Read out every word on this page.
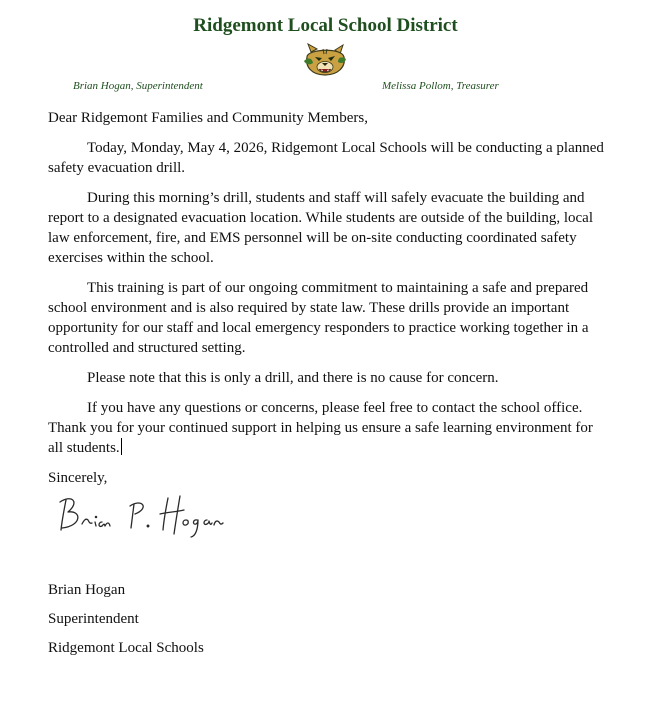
Ridgemont Local School District
Brian Hogan, Superintendent	Melissa Pollom, Treasurer

Dear Ridgemont Families and Community Members,

Today, Monday, May 4, 2026, Ridgemont Local Schools will be conducting a planned safety evacuation drill.

During this morning’s drill, students and staff will safely evacuate the building and report to a designated evacuation location. While students are outside of the building, local law enforcement, fire, and EMS personnel will be on-site conducting coordinated safety exercises within the school.

This training is part of our ongoing commitment to maintaining a safe and prepared school environment and is also required by state law. These drills provide an important opportunity for our staff and local emergency responders to practice working together in a controlled and structured setting.

Please note that this is only a drill, and there is no cause for concern.

If you have any questions or concerns, please feel free to contact the school office. Thank you for your continued support in helping us ensure a safe learning environment for all students.

Sincerely,

Brian Hogan
Superintendent
Ridgemont Local Schools
